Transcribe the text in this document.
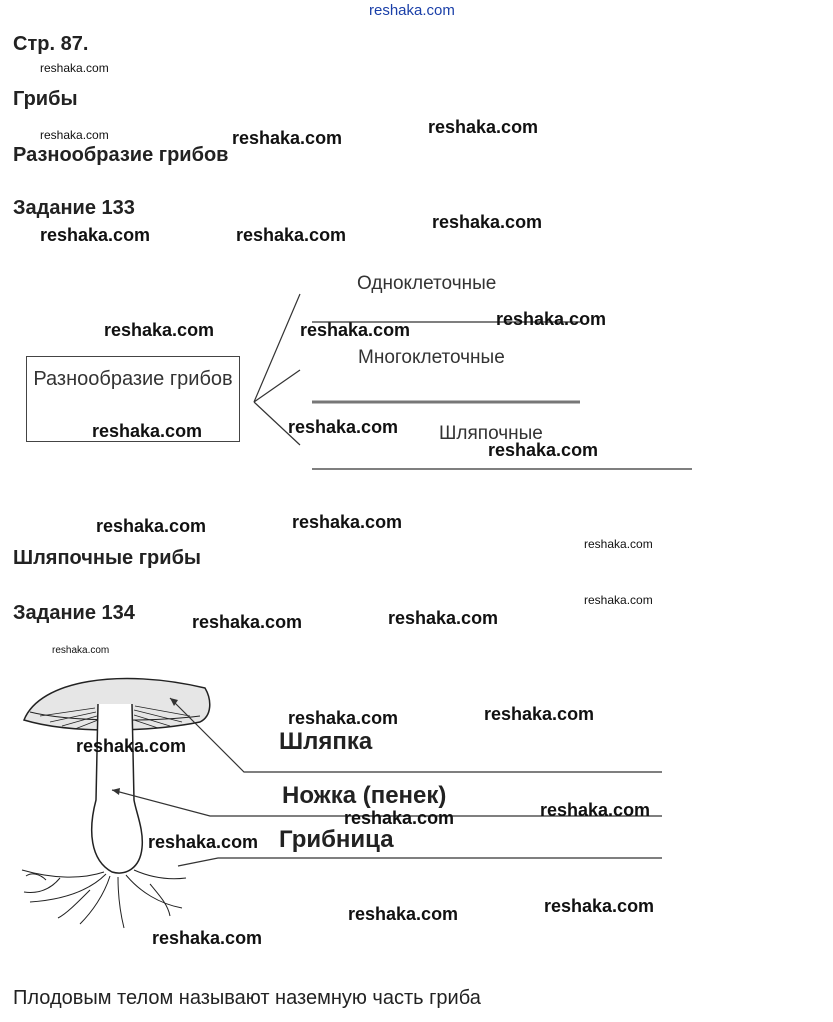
reshaka.com
Стр. 87.
Грибы
Разнообразие грибов
Задание 133
Разнообразие грибов
Одноклеточные
Многоклеточные
Шляпочные
Шляпочные грибы
Задание 134
Шляпка
Ножка (пенек)
Грибница
Плодовым телом называют наземную часть гриба
reshaka.com
reshaka.com	reshaka.com
reshaka.com
reshaka.com	reshaka.com
reshaka.com
reshaka.com	reshaka.com
reshaka.com
reshaka.com	reshaka.com
reshaka.com
reshaka.com	reshaka.com
reshaka.com
reshaka.com
reshaka.com	reshaka.com
reshaka.com
reshaka.com	reshaka.com
reshaka.com
reshaka.com
reshaka.com
reshaka.com
reshaka.com	reshaka.com
reshaka.com
